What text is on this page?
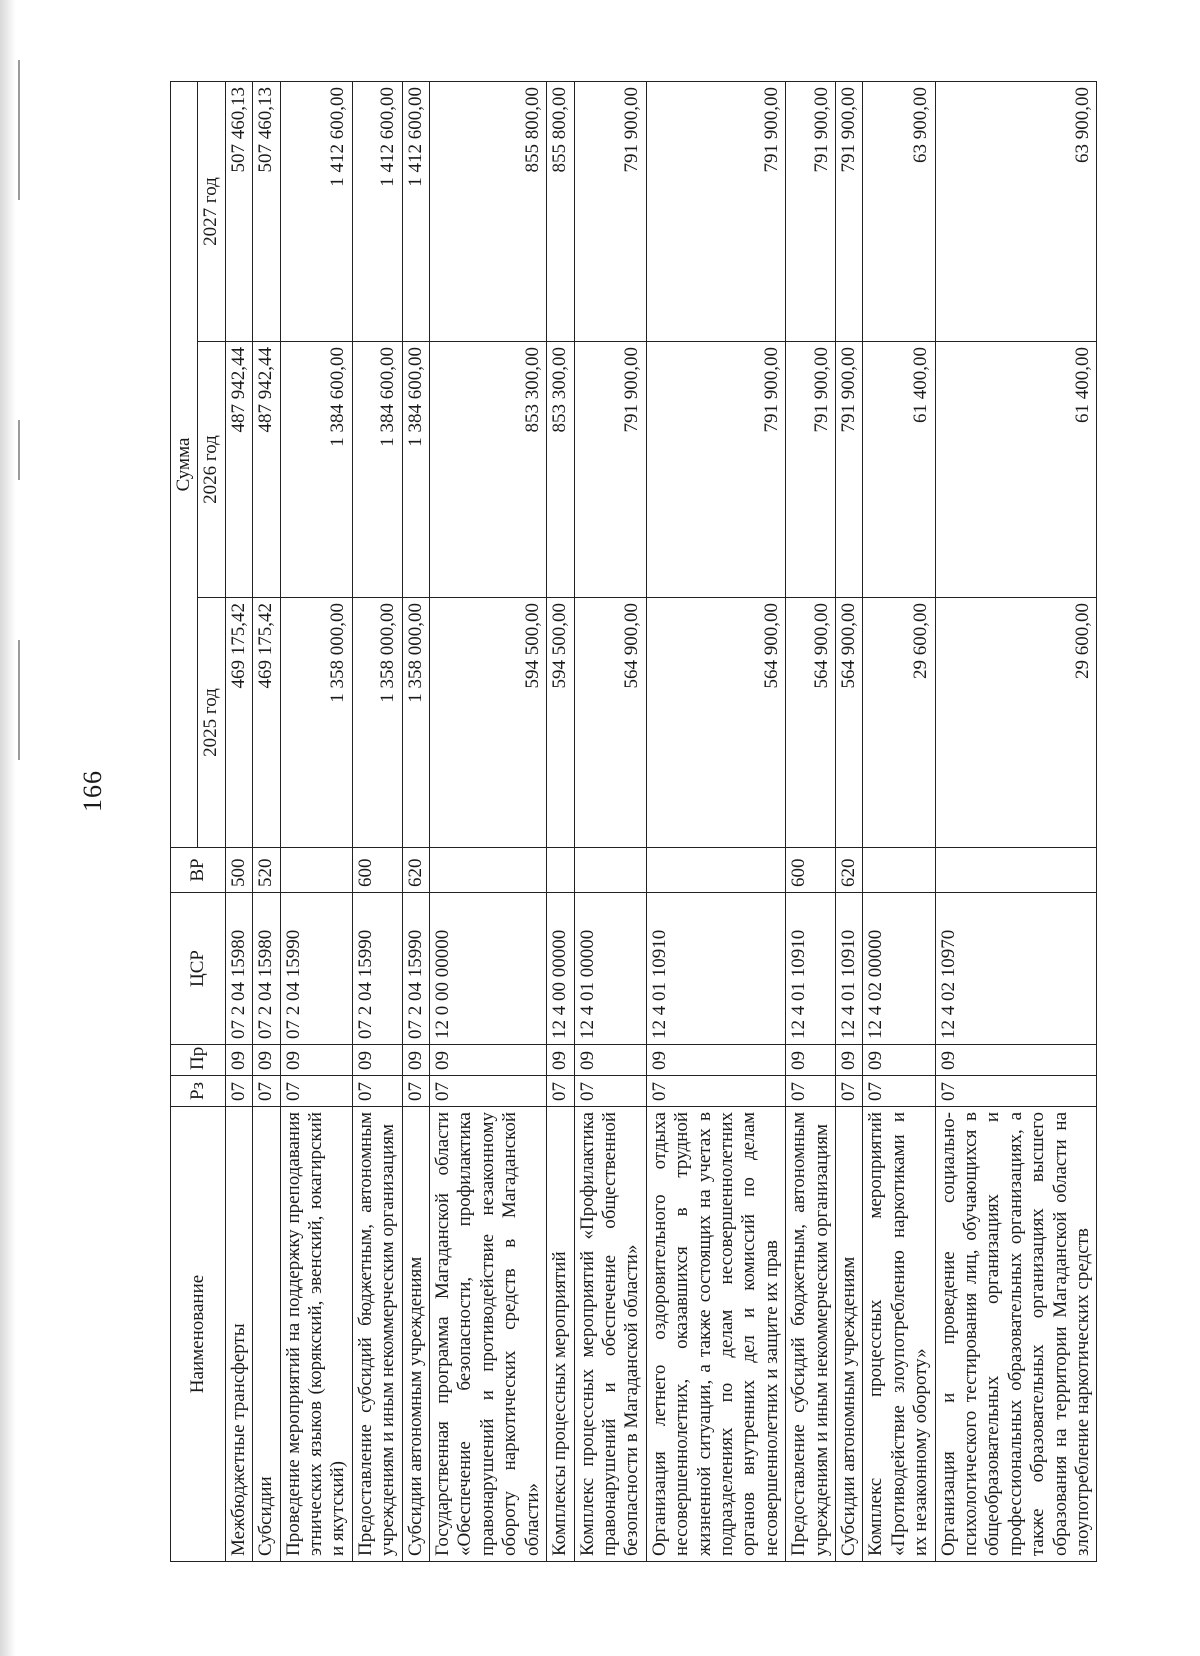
166
Наименование	Рз	Пр	ЦСР	ВР	Сумма		
					2025 год	2026 год	2027 год
Межбюджетные трансферты	07	09	07 2 04 15980	500	469 175,42	487 942,44	507 460,13
Субсидии	07	09	07 2 04 15980	520	469 175,42	487 942,44	507 460,13
Проведение мероприятий на поддержку преподавания этнических языков (корякский, эвенский, юкагирский и якутский)	07	09	07 2 04 15990		1 358 000,00	1 384 600,00	1 412 600,00
Предоставление субсидий бюджетным, автономным учреждениям и иным некоммерческим организациям	07	09	07 2 04 15990	600	1 358 000,00	1 384 600,00	1 412 600,00
Субсидии автономным учреждениям	07	09	07 2 04 15990	620	1 358 000,00	1 384 600,00	1 412 600,00
Государственная программа Магаданской области «Обеспечение безопасности, профилактика правонарушений и противодействие незаконному обороту наркотических средств в Магаданской области»	07	09	12 0 00 00000		594 500,00	853 300,00	855 800,00
Комплексы процессных мероприятий	07	09	12 4 00 00000		594 500,00	853 300,00	855 800,00
Комплекс процессных мероприятий «Профилактика правонарушений и обеспечение общественной безопасности в Магаданской области»	07	09	12 4 01 00000		564 900,00	791 900,00	791 900,00
Организация летнего оздоровительного отдыха несовершеннолетних, оказавшихся в трудной жизненной ситуации, а также состоящих на учетах в подразделениях по делам несовершеннолетних органов внутренних дел и комиссий по делам несовершеннолетних и защите их прав	07	09	12 4 01 10910		564 900,00	791 900,00	791 900,00
Предоставление субсидий бюджетным, автономным учреждениям и иным некоммерческим организациям	07	09	12 4 01 10910	600	564 900,00	791 900,00	791 900,00
Субсидии автономным учреждениям	07	09	12 4 01 10910	620	564 900,00	791 900,00	791 900,00
Комплекс процессных мероприятий «Противодействие злоупотреблению наркотиками и их незаконному обороту»	07	09	12 4 02 00000		29 600,00	61 400,00	63 900,00
Организация и проведение социально-психологического тестирования лиц, обучающихся в общеобразовательных организациях и профессиональных образовательных организациях, а также образовательных организациях высшего образования на территории Магаданской области на злоупотребление наркотических средств	07	09	12 4 02 10970		29 600,00	61 400,00	63 900,00
